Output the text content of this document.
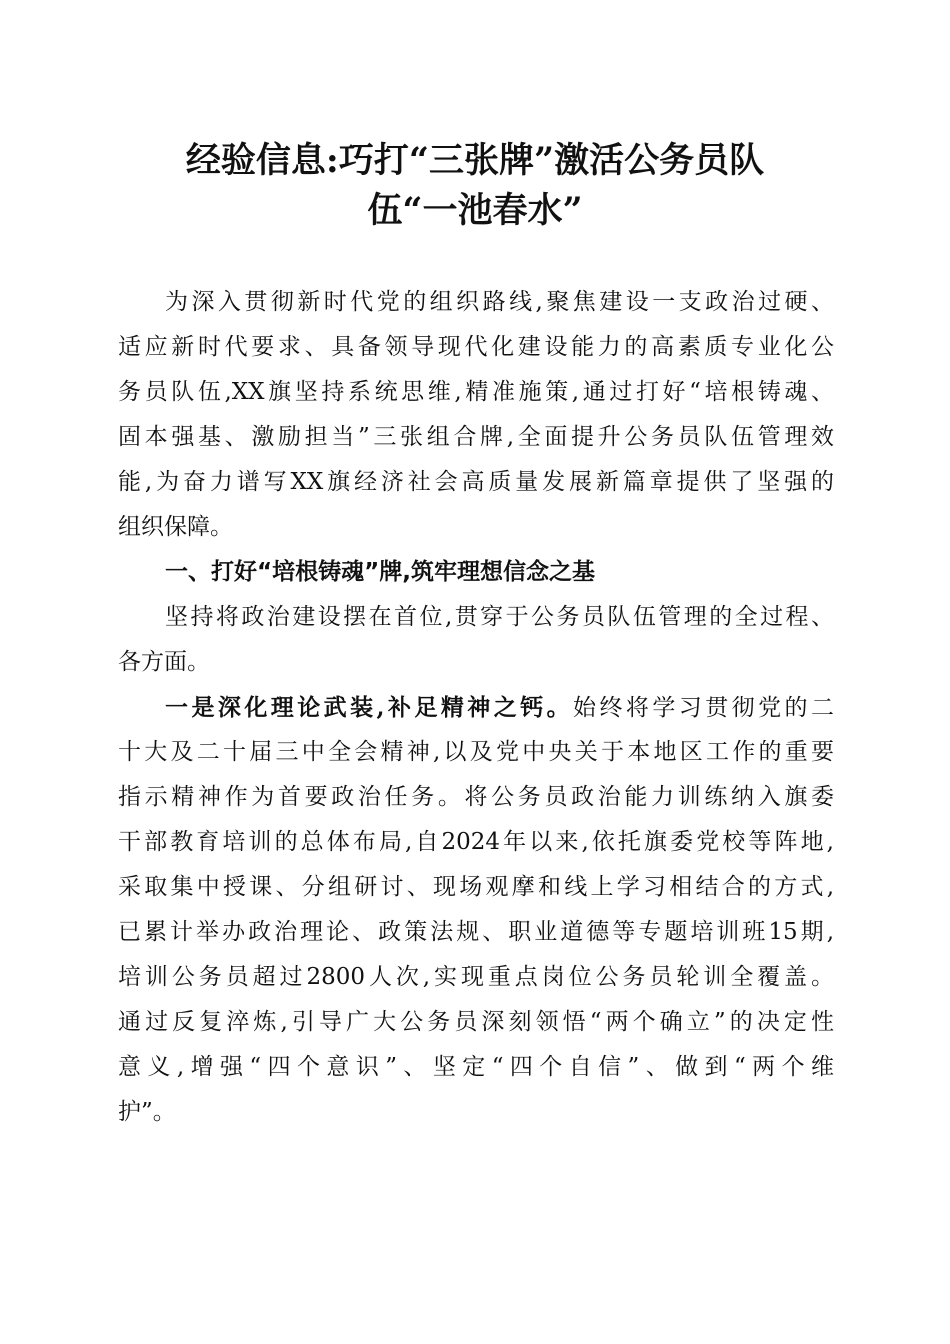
经验信息:巧打“三张牌”激活公务员队
伍“一池春水”
为深入贯彻新时代党的组织路线,聚焦建设一支政治过硬、
适应新时代要求、具备领导现代化建设能力的高素质专业化公
务员队伍,XX旗坚持系统思维,精准施策,通过打好“培根铸魂、
固本强基、激励担当”三张组合牌,全面提升公务员队伍管理效
能,为奋力谱写XX旗经济社会高质量发展新篇章提供了坚强的
组织保障。
一、打好“培根铸魂”牌,筑牢理想信念之基
坚持将政治建设摆在首位,贯穿于公务员队伍管理的全过程、
各方面。
一是深化理论武装,补足精神之钙。始终将学习贯彻党的二
十大及二十届三中全会精神,以及党中央关于本地区工作的重要
指示精神作为首要政治任务。将公务员政治能力训练纳入旗委
干部教育培训的总体布局,自2024年以来,依托旗委党校等阵地,
采取集中授课、分组研讨、现场观摩和线上学习相结合的方式,
已累计举办政治理论、政策法规、职业道德等专题培训班15期,
培训公务员超过2800人次,实现重点岗位公务员轮训全覆盖。
通过反复淬炼,引导广大公务员深刻领悟“两个确立”的决定性
意义,增强“四个意识”、坚定“四个自信”、做到“两个维
护”。
